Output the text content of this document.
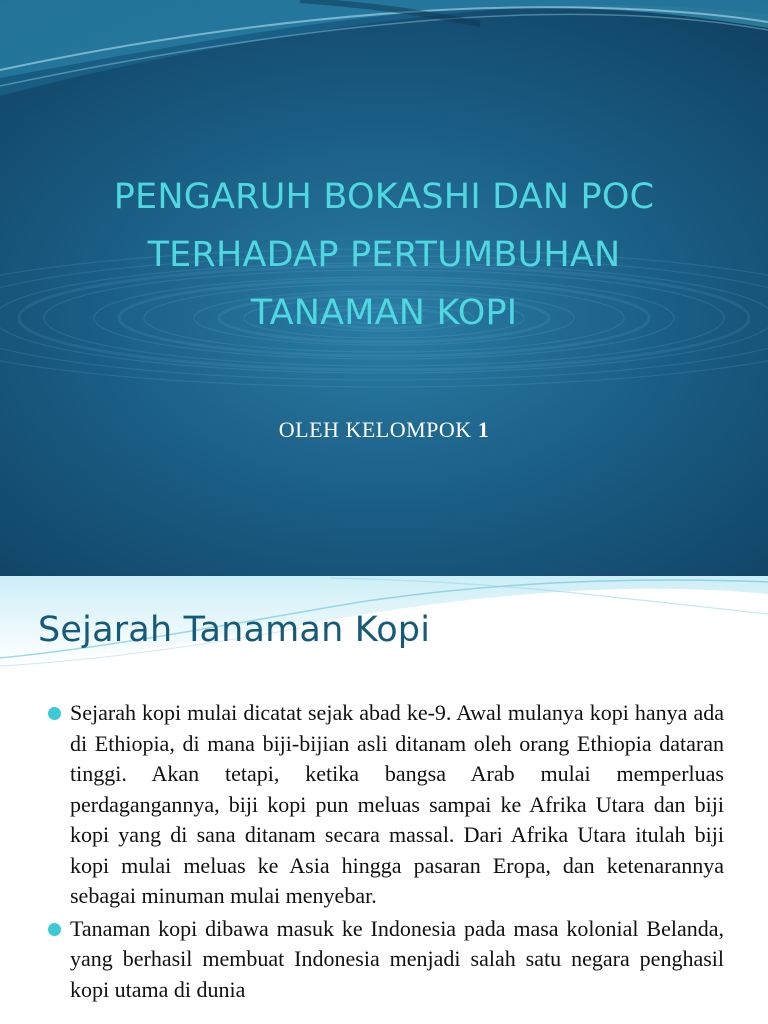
PENGARUH BOKASHI DAN POC
TERHADAP PERTUMBUHAN
TANAMAN KOPI
OLEH KELOMPOK 1
Sejarah Tanaman Kopi
Sejarah kopi mulai dicatat sejak abad ke-9. Awal mulanya kopi hanya ada di Ethiopia, di mana biji-bijian asli ditanam oleh orang Ethiopia dataran tinggi. Akan tetapi, ketika bangsa Arab mulai memperluas perdagangannya, biji kopi pun meluas sampai ke Afrika Utara dan biji kopi yang di sana ditanam secara massal. Dari Afrika Utara itulah biji kopi mulai meluas ke Asia hingga pasaran Eropa, dan ketenarannya sebagai minuman mulai menyebar.
Tanaman kopi dibawa masuk ke Indonesia pada masa kolonial Belanda, yang berhasil membuat Indonesia menjadi salah satu negara penghasil kopi utama di dunia
